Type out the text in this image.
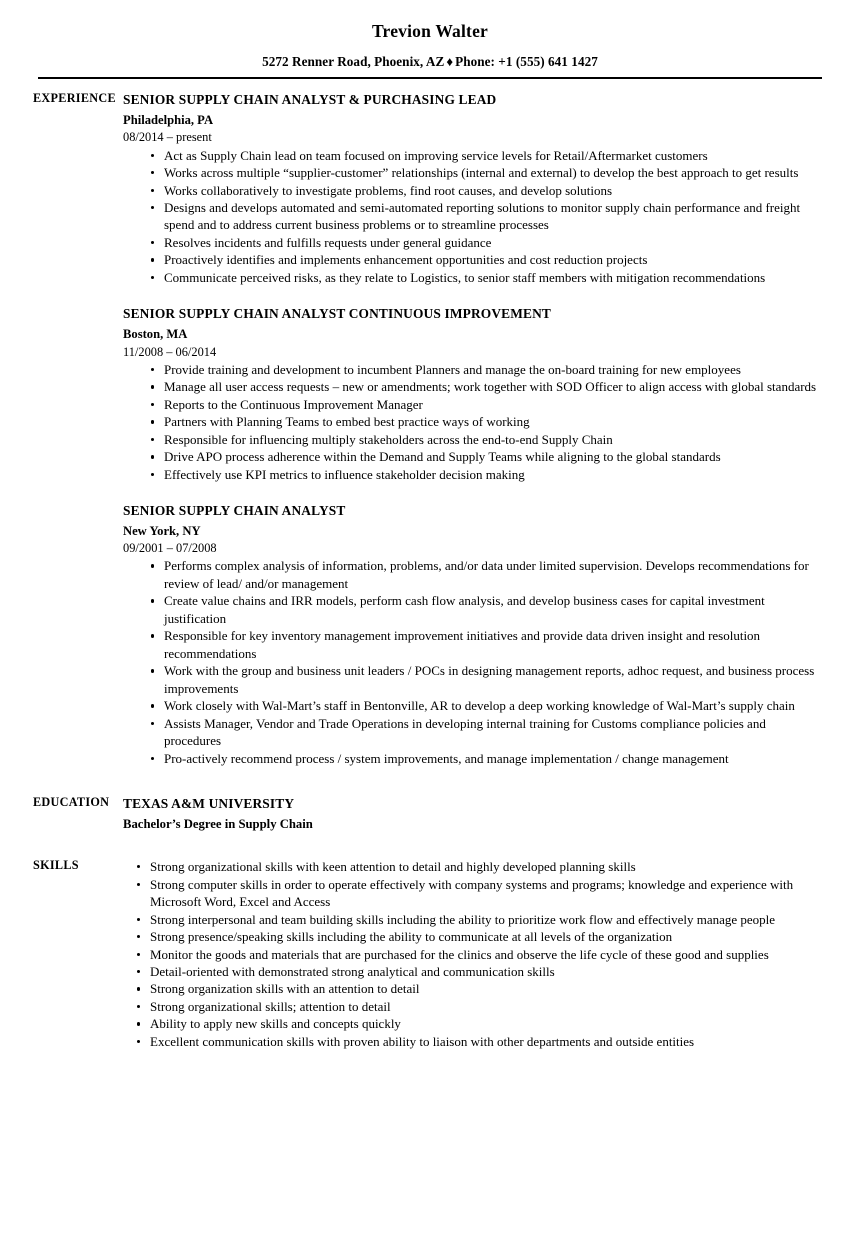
Trevion Walter
5272 Renner Road, Phoenix, AZ ♦ Phone: +1 (555) 641 1427
EXPERIENCE SENIOR SUPPLY CHAIN ANALYST & PURCHASING LEAD
Philadelphia, PA
08/2014 – present
Act as Supply Chain lead on team focused on improving service levels for Retail/Aftermarket customers
Works across multiple “supplier-customer” relationships (internal and external) to develop the best approach to get results
Works collaboratively to investigate problems, find root causes, and develop solutions
Designs and develops automated and semi-automated reporting solutions to monitor supply chain performance and freight spend and to address current business problems or to streamline processes
Resolves incidents and fulfills requests under general guidance
Proactively identifies and implements enhancement opportunities and cost reduction projects
Communicate perceived risks, as they relate to Logistics, to senior staff members with mitigation recommendations
SENIOR SUPPLY CHAIN ANALYST CONTINUOUS IMPROVEMENT
Boston, MA
11/2008 – 06/2014
Provide training and development to incumbent Planners and manage the on-board training for new employees
Manage all user access requests – new or amendments; work together with SOD Officer to align access with global standards
Reports to the Continuous Improvement Manager
Partners with Planning Teams to embed best practice ways of working
Responsible for influencing multiply stakeholders across the end-to-end Supply Chain
Drive APO process adherence within the Demand and Supply Teams while aligning to the global standards
Effectively use KPI metrics to influence stakeholder decision making
SENIOR SUPPLY CHAIN ANALYST
New York, NY
09/2001 – 07/2008
Performs complex analysis of information, problems, and/or data under limited supervision. Develops recommendations for review of lead/ and/or management
Create value chains and IRR models, perform cash flow analysis, and develop business cases for capital investment justification
Responsible for key inventory management improvement initiatives and provide data driven insight and resolution recommendations
Work with the group and business unit leaders / POCs in designing management reports, adhoc request, and business process improvements
Work closely with Wal-Mart’s staff in Bentonville, AR to develop a deep working knowledge of Wal-Mart’s supply chain
Assists Manager, Vendor and Trade Operations in developing internal training for Customs compliance policies and procedures
Pro-actively recommend process / system improvements, and manage implementation / change management
EDUCATION	TEXAS A&M UNIVERSITY
Bachelor’s Degree in Supply Chain
SKILLS	Strong organizational skills with keen attention to detail and highly developed planning skills
Strong computer skills in order to operate effectively with company systems and programs; knowledge and experience with Microsoft Word, Excel and Access
Strong interpersonal and team building skills including the ability to prioritize work flow and effectively manage people
Strong presence/speaking skills including the ability to communicate at all levels of the organization
Monitor the goods and materials that are purchased for the clinics and observe the life cycle of these good and supplies
Detail-oriented with demonstrated strong analytical and communication skills
Strong organization skills with an attention to detail
Strong organizational skills; attention to detail
Ability to apply new skills and concepts quickly
Excellent communication skills with proven ability to liaison with other departments and outside entities
